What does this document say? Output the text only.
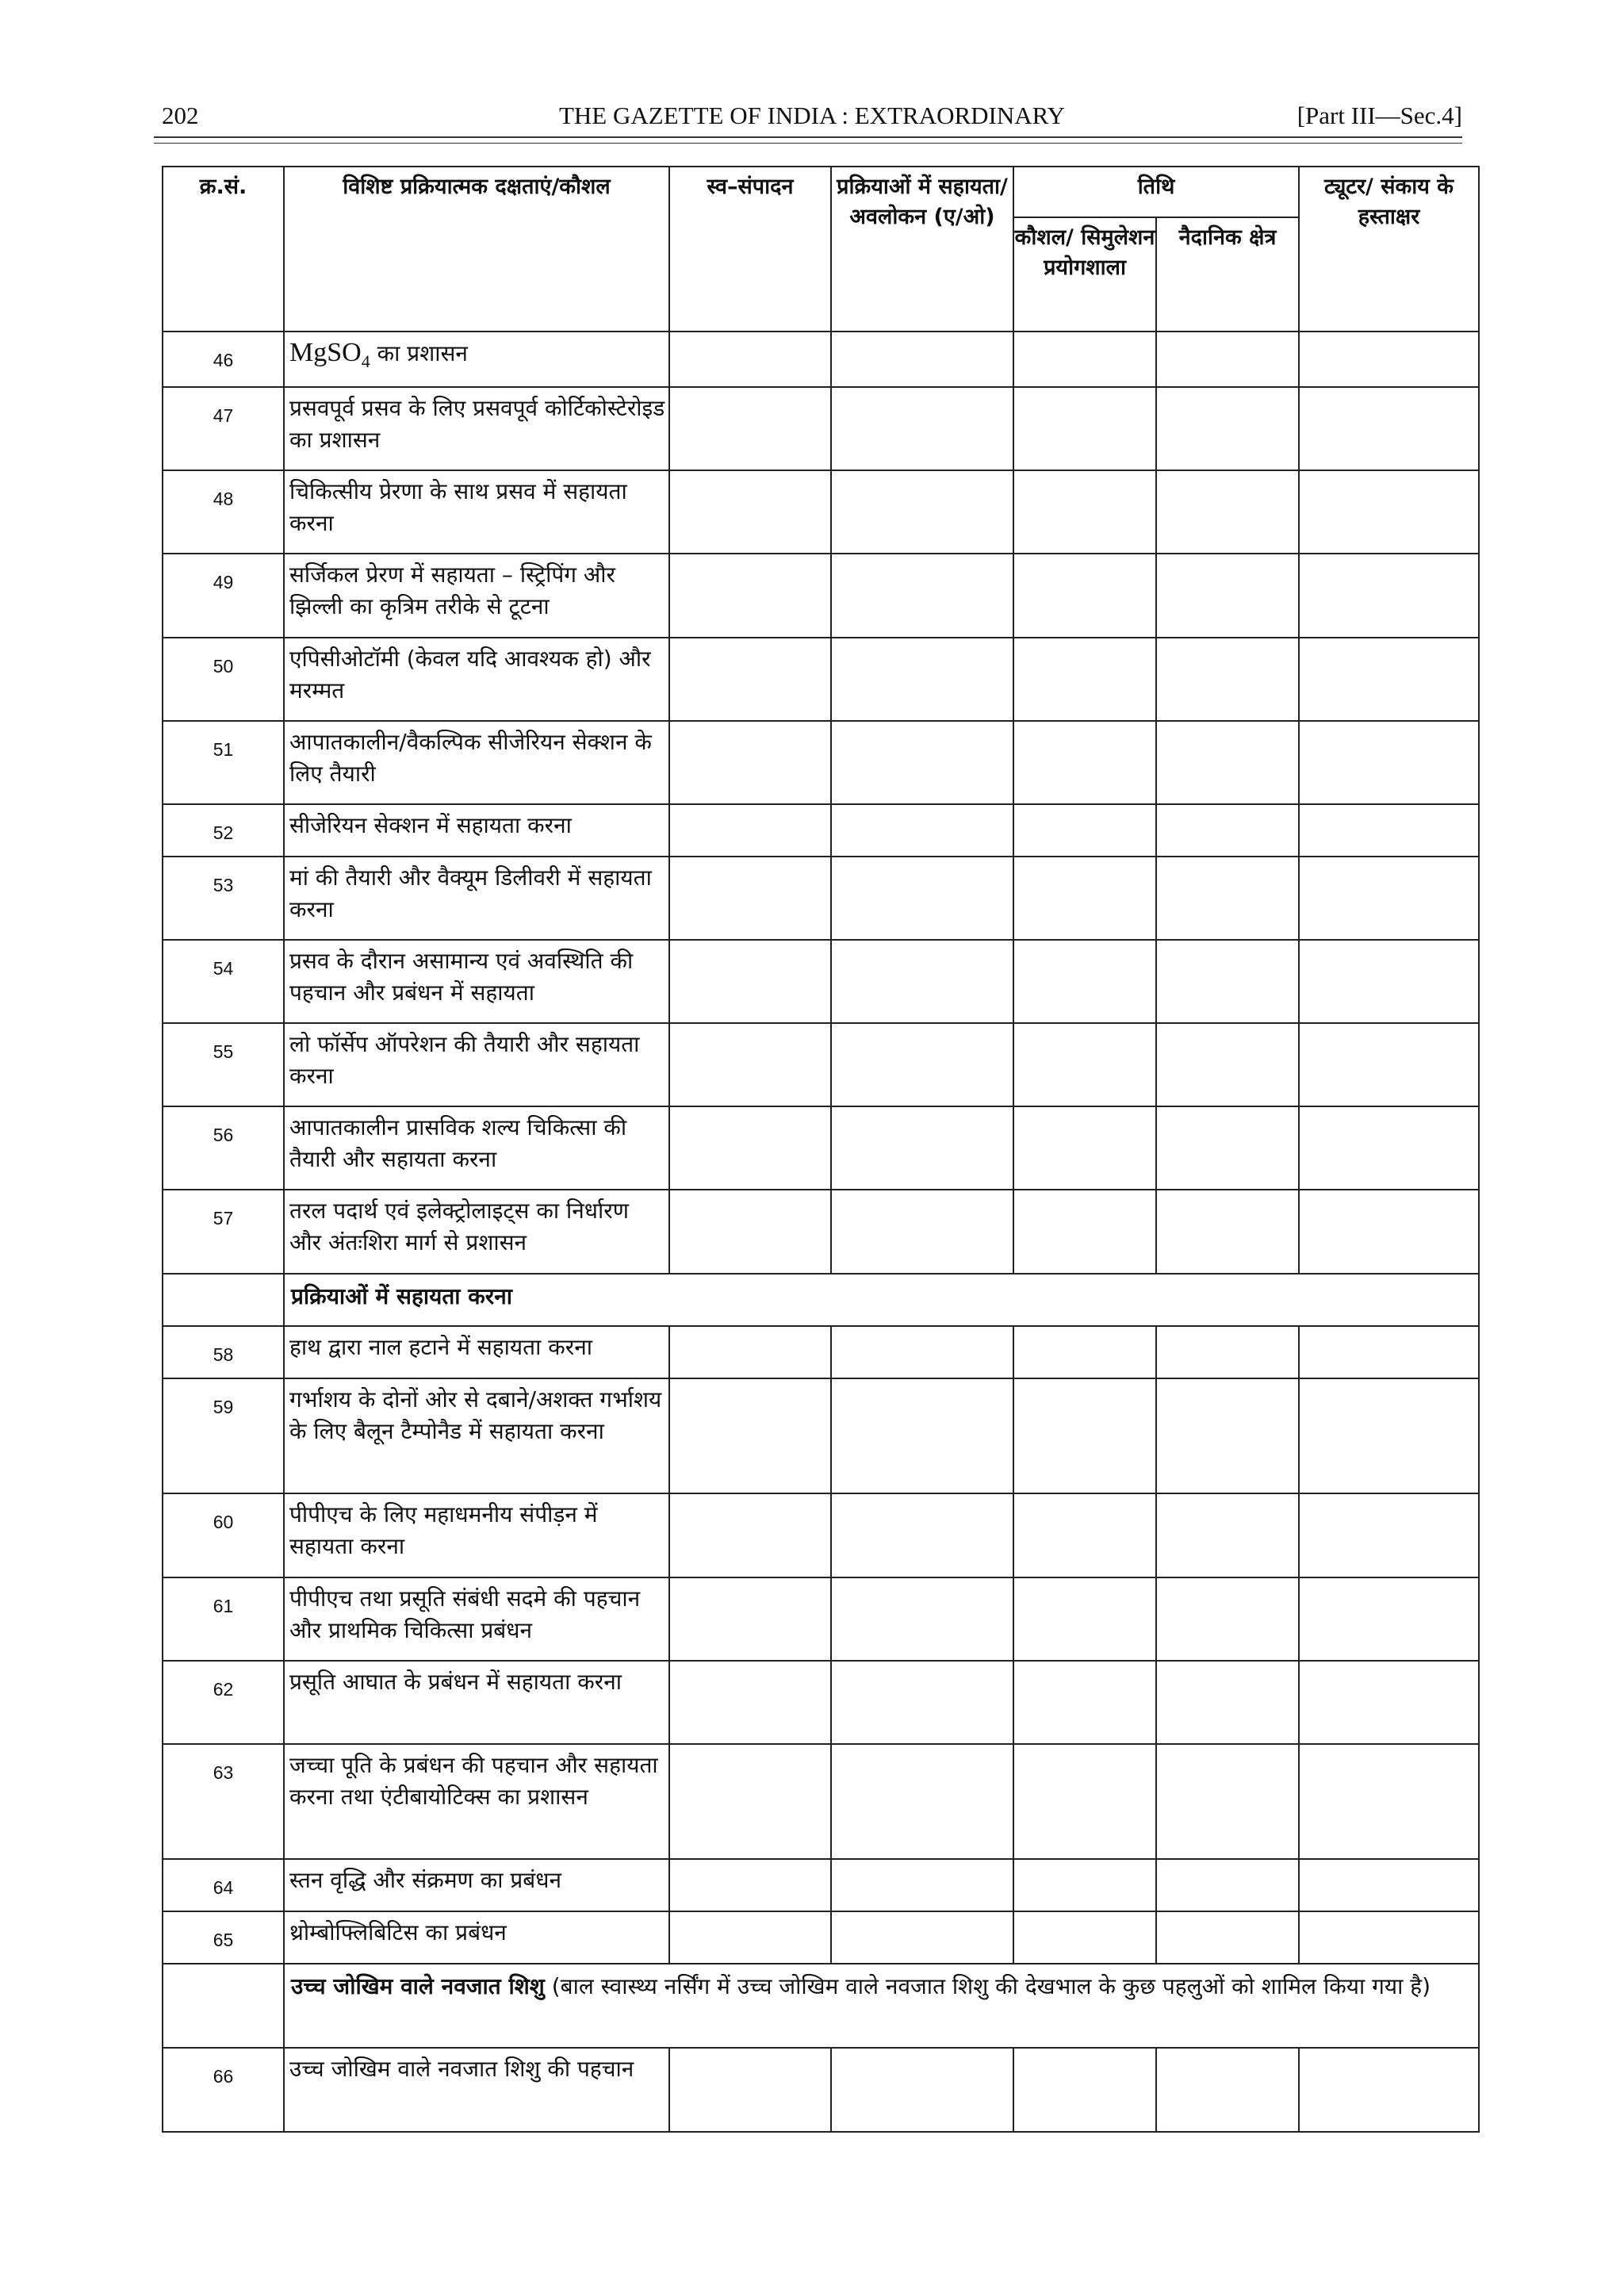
202	THE GAZETTE OF INDIA : EXTRAORDINARY	[Part III—Sec.4]
क्र.सं.	विशिष्ट प्रक्रियात्मक दक्षताएं/कौशल	स्व–संपादन	प्रक्रियाओं में सहायता/ अवलोकन (ए/ओ)	तिथि		ट्यूटर/ संकाय के हस्ताक्षर
				कौशल/ सिमुलेशन प्रयोगशाला	नैदानिक क्षेत्र	
46	MgSO$_4$ का प्रशासन					
47	प्रसवपूर्व प्रसव के लिए प्रसवपूर्व कोर्टिकोस्टेरोइड का प्रशासन					
48	चिकित्सीय प्रेरणा के साथ प्रसव में सहायता करना					
49	सर्जिकल प्रेरण में सहायता – स्ट्रिपिंग और झिल्ली का कृत्रिम तरीके से टूटना					
50	एपिसीओटॉमी (केवल यदि आवश्यक हो) और मरम्मत					
51	आपातकालीन/वैकल्पिक सीजेरियन सेक्शन के लिए तैयारी					
52	सीजेरियन सेक्शन में सहायता करना					
53	मां की तैयारी और वैक्यूम डिलीवरी में सहायता करना					
54	प्रसव के दौरान असामान्य एवं अवस्थिति की पहचान और प्रबंधन में सहायता					
55	लो फॉर्सेप ऑपरेशन की तैयारी और सहायता करना					
56	आपातकालीन प्रासविक शल्य चिकित्सा की तैयारी और सहायता करना					
57	तरल पदार्थ एवं इलेक्ट्रोलाइट्स का निर्धारण और अंतःशिरा मार्ग से प्रशासन					
	प्रक्रियाओं में सहायता करना					
58	हाथ द्वारा नाल हटाने में सहायता करना					
59	गर्भाशय के दोनों ओर से दबाने/अशक्त गर्भाशय के लिए बैलून टैम्पोनैड में सहायता करना					
60	पीपीएच के लिए महाधमनीय संपीड़न में सहायता करना					
61	पीपीएच तथा प्रसूति संबंधी सदमे की पहचान और प्राथमिक चिकित्सा प्रबंधन					
62	प्रसूति आघात के प्रबंधन में सहायता करना					
63	जच्चा पूति के प्रबंधन की पहचान और सहायता करना तथा एंटीबायोटिक्स का प्रशासन					
64	स्तन वृद्धि और संक्रमण का प्रबंधन					
65	थ्रोम्बोफ्लिबिटिस का प्रबंधन					
	उच्च जोखिम वाले नवजात शिशु (बाल स्वास्थ्य नर्सिंग में उच्च जोखिम वाले नवजात शिशु की देखभाल के कुछ पहलुओं को शामिल किया गया है)					
66	उच्च जोखिम वाले नवजात शिशु की पहचान					
